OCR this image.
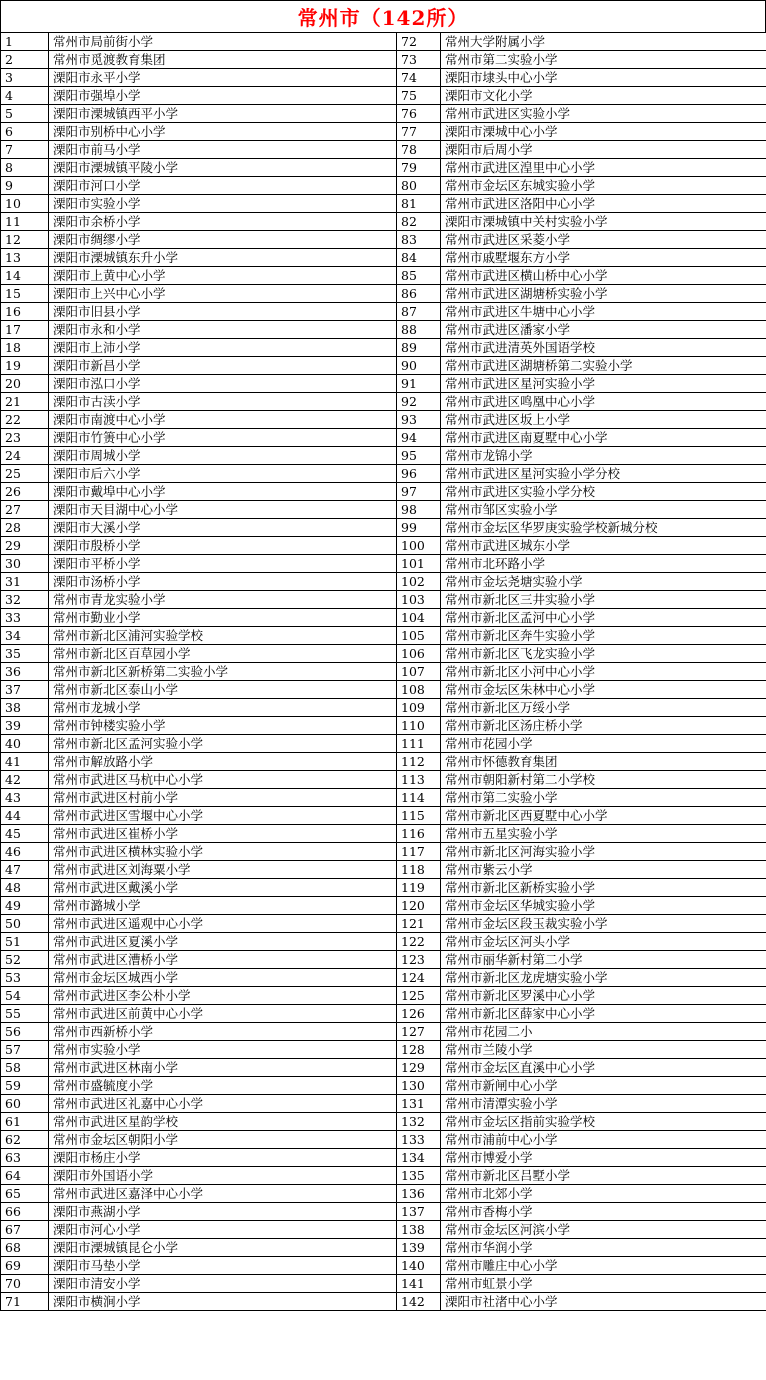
常州市（142所）
1	常州市局前街小学	72	常州大学附属小学
2	常州市觅渡教育集团	73	常州市第二实验小学
3	溧阳市永平小学	74	溧阳市埭头中心小学
4	溧阳市强埠小学	75	溧阳市文化小学
5	溧阳市溧城镇西平小学	76	常州市武进区实验小学
6	溧阳市别桥中心小学	77	溧阳市溧城中心小学
7	溧阳市前马小学	78	溧阳市后周小学
8	溧阳市溧城镇平陵小学	79	常州市武进区湟里中心小学
9	溧阳市河口小学	80	常州市金坛区东城实验小学
10	溧阳市实验小学	81	常州市武进区洛阳中心小学
11	溧阳市余桥小学	82	溧阳市溧城镇中关村实验小学
12	溧阳市绸缪小学	83	常州市武进区采菱小学
13	溧阳市溧城镇东升小学	84	常州市戚墅堰东方小学
14	溧阳市上黄中心小学	85	常州市武进区横山桥中心小学
15	溧阳市上兴中心小学	86	常州市武进区湖塘桥实验小学
16	溧阳市旧县小学	87	常州市武进区牛塘中心小学
17	溧阳市永和小学	88	常州市武进区潘家小学
18	溧阳市上沛小学	89	常州市武进清英外国语学校
19	溧阳市新昌小学	90	常州市武进区湖塘桥第二实验小学
20	溧阳市泓口小学	91	常州市武进区星河实验小学
21	溧阳市古渎小学	92	常州市武进区鸣凰中心小学
22	溧阳市南渡中心小学	93	常州市武进区坂上小学
23	溧阳市竹箦中心小学	94	常州市武进区南夏墅中心小学
24	溧阳市周城小学	95	常州市龙锦小学
25	溧阳市后六小学	96	常州市武进区星河实验小学分校
26	溧阳市戴埠中心小学	97	常州市武进区实验小学分校
27	溧阳市天目湖中心小学	98	常州市邹区实验小学
28	溧阳市大溪小学	99	常州市金坛区华罗庚实验学校新城分校
29	溧阳市殷桥小学	100	常州市武进区城东小学
30	溧阳市平桥小学	101	常州市北环路小学
31	溧阳市汤桥小学	102	常州市金坛尧塘实验小学
32	常州市青龙实验小学	103	常州市新北区三井实验小学
33	常州市勤业小学	104	常州市新北区孟河中心小学
34	常州市新北区浦河实验学校	105	常州市新北区奔牛实验小学
35	常州市新北区百草园小学	106	常州市新北区飞龙实验小学
36	常州市新北区新桥第二实验小学	107	常州市新北区小河中心小学
37	常州市新北区泰山小学	108	常州市金坛区朱林中心小学
38	常州市龙城小学	109	常州市新北区万绥小学
39	常州市钟楼实验小学	110	常州市新北区汤庄桥小学
40	常州市新北区孟河实验小学	111	常州市花园小学
41	常州市解放路小学	112	常州市怀德教育集团
42	常州市武进区马杭中心小学	113	常州市朝阳新村第二小学校
43	常州市武进区村前小学	114	常州市第二实验小学
44	常州市武进区雪堰中心小学	115	常州市新北区西夏墅中心小学
45	常州市武进区崔桥小学	116	常州市五星实验小学
46	常州市武进区横林实验小学	117	常州市新北区河海实验小学
47	常州市武进区刘海粟小学	118	常州市紫云小学
48	常州市武进区戴溪小学	119	常州市新北区新桥实验小学
49	常州市潞城小学	120	常州市金坛区华城实验小学
50	常州市武进区遥观中心小学	121	常州市金坛区段玉裁实验小学
51	常州市武进区夏溪小学	122	常州市金坛区河头小学
52	常州市武进区漕桥小学	123	常州市丽华新村第二小学
53	常州市金坛区城西小学	124	常州市新北区龙虎塘实验小学
54	常州市武进区李公朴小学	125	常州市新北区罗溪中心小学
55	常州市武进区前黄中心小学	126	常州市新北区薛家中心小学
56	常州市西新桥小学	127	常州市花园二小
57	常州市实验小学	128	常州市兰陵小学
58	常州市武进区林南小学	129	常州市金坛区直溪中心小学
59	常州市盛毓度小学	130	常州市新闸中心小学
60	常州市武进区礼嘉中心小学	131	常州市清潭实验小学
61	常州市武进区星韵学校	132	常州市金坛区指前实验学校
62	常州市金坛区朝阳小学	133	常州市浦前中心小学
63	溧阳市杨庄小学	134	常州市博爱小学
64	溧阳市外国语小学	135	常州市新北区吕墅小学
65	常州市武进区嘉泽中心小学	136	常州市北郊小学
66	溧阳市燕湖小学	137	常州市香梅小学
67	溧阳市河心小学	138	常州市金坛区河滨小学
68	溧阳市溧城镇昆仑小学	139	常州市华润小学
69	溧阳市马垫小学	140	常州市雕庄中心小学
70	溧阳市清安小学	141	常州市虹景小学
71	溧阳市横涧小学	142	溧阳市社渚中心小学
